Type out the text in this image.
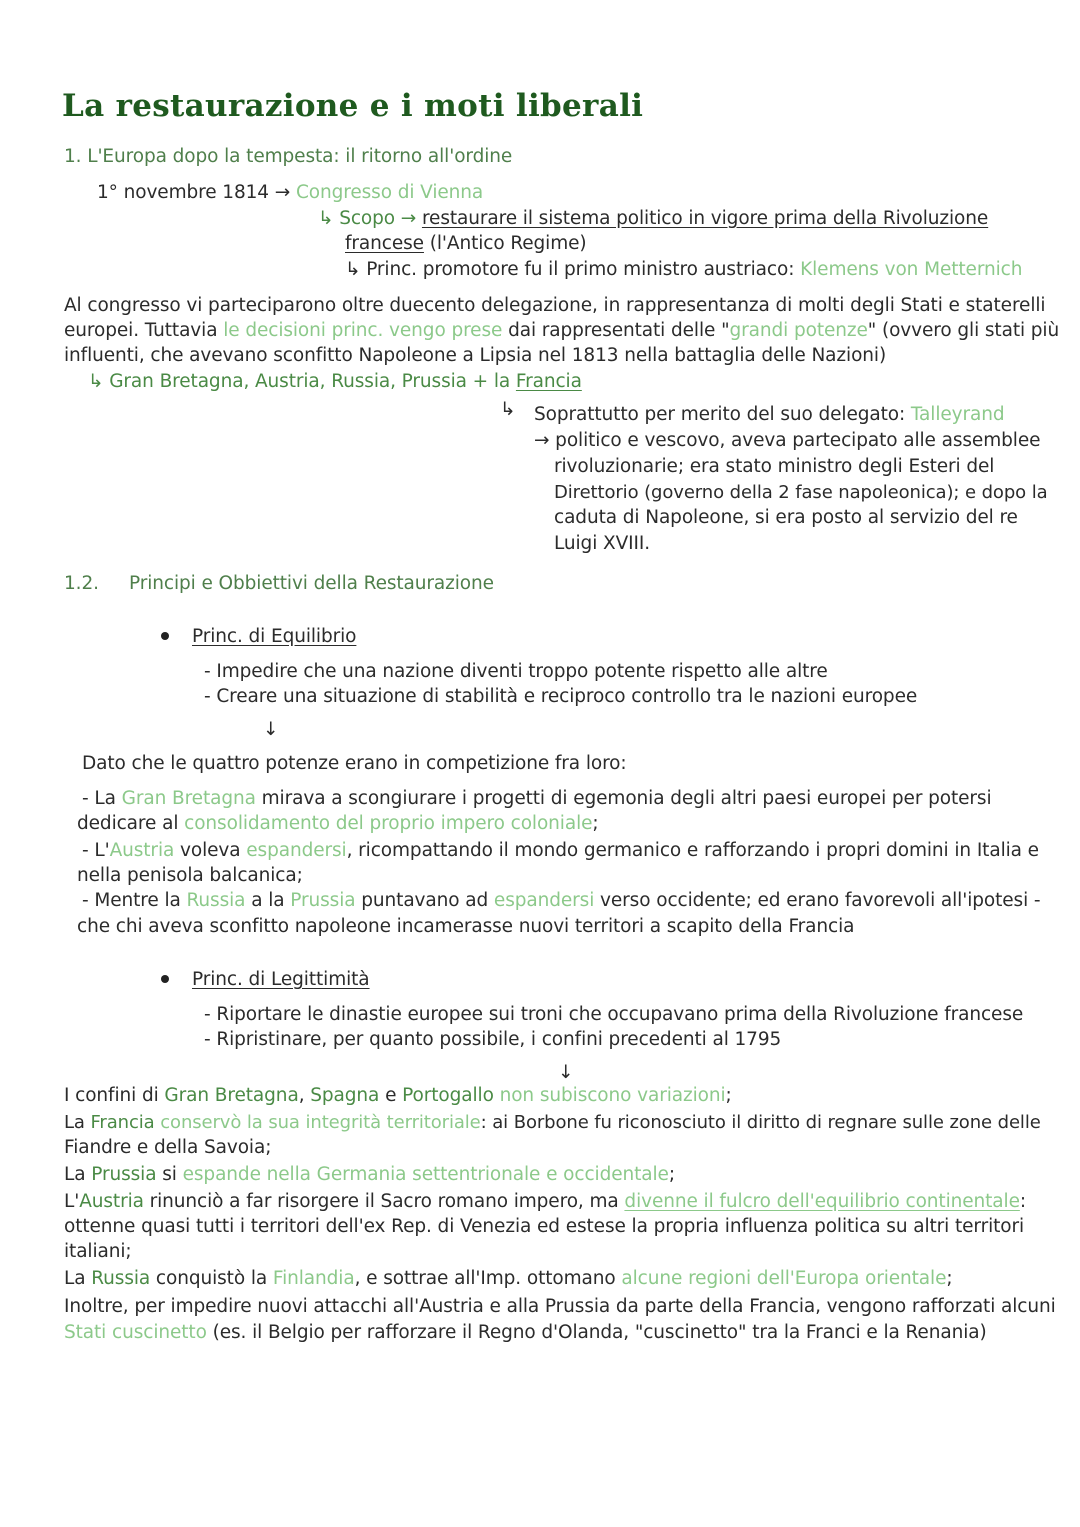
La restaurazione e i moti liberali
1. L'Europa dopo la tempesta: il ritorno all'ordine
1° novembre 1814 → Congresso di Vienna
↳ Scopo → restaurare il sistema politico in vigore prima della Rivoluzione
francese (l'Antico Regime)
↳ Princ. promotore fu il primo ministro austriaco: Klemens von Metternich
Al congresso vi parteciparono oltre duecento delegazione, in rappresentanza di molti degli Stati e staterelli
europei. Tuttavia le decisioni princ. vengo prese dai rappresentati delle "grandi potenze" (ovvero gli stati più
influenti, che avevano sconfitto Napoleone a Lipsia nel 1813 nella battaglia delle Nazioni)
↳ Gran Bretagna, Austria, Russia, Prussia + la Francia
↳ Soprattutto per merito del suo delegato: Talleyrand
→ politico e vescovo, aveva partecipato alle assemblee
rivoluzionarie; era stato ministro degli Esteri del
Direttorio (governo della 2 fase napoleonica); e dopo la
caduta di Napoleone, si era posto al servizio del re
Luigi XVIII.
1.2. Principi e Obbiettivi della Restaurazione
Princ. di Equilibrio
- Impedire che una nazione diventi troppo potente rispetto alle altre
- Creare una situazione di stabilità e reciproco controllo tra le nazioni europee
↓
Dato che le quattro potenze erano in competizione fra loro:
- La Gran Bretagna mirava a scongiurare i progetti di egemonia degli altri paesi europei per potersi
dedicare al consolidamento del proprio impero coloniale;
- L'Austria voleva espandersi, ricompattando il mondo germanico e rafforzando i propri domini in Italia e
nella penisola balcanica;
- Mentre la Russia a la Prussia puntavano ad espandersi verso occidente; ed erano favorevoli all'ipotesi -
che chi aveva sconfitto napoleone incamerasse nuovi territori a scapito della Francia
Princ. di Legittimità
- Riportare le dinastie europee sui troni che occupavano prima della Rivoluzione francese
- Ripristinare, per quanto possibile, i confini precedenti al 1795
↓
I confini di Gran Bretagna, Spagna e Portogallo non subiscono variazioni;
La Francia conservò la sua integrità territoriale: ai Borbone fu riconosciuto il diritto di regnare sulle zone delle
Fiandre e della Savoia;
La Prussia si espande nella Germania settentrionale e occidentale;
L'Austria rinunciò a far risorgere il Sacro romano impero, ma divenne il fulcro dell'equilibrio continentale:
ottenne quasi tutti i territori dell'ex Rep. di Venezia ed estese la propria influenza politica su altri territori
italiani;
La Russia conquistò la Finlandia, e sottrae all'Imp. ottomano alcune regioni dell'Europa orientale;
Inoltre, per impedire nuovi attacchi all'Austria e alla Prussia da parte della Francia, vengono rafforzati alcuni
Stati cuscinetto (es. il Belgio per rafforzare il Regno d'Olanda, "cuscinetto" tra la Franci e la Renania)
